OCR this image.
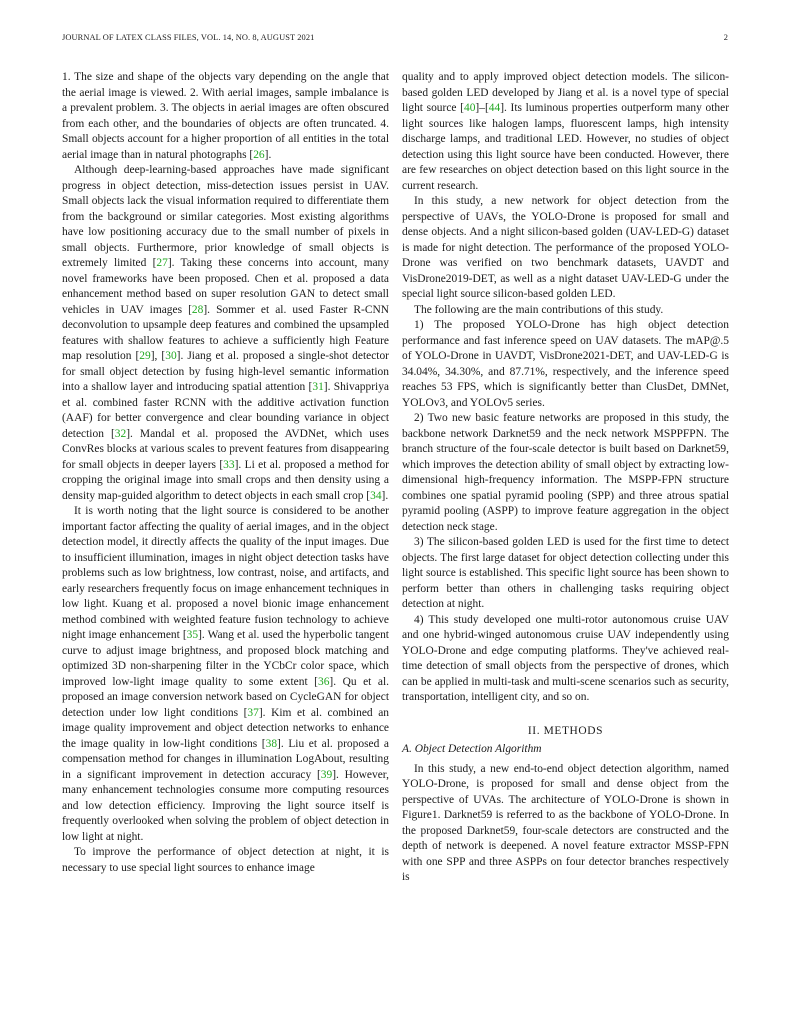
JOURNAL OF LATEX CLASS FILES, VOL. 14, NO. 8, AUGUST 2021	2

1. The size and shape of the objects vary depending on the angle that the aerial image is viewed. 2. With aerial images, sample imbalance is a prevalent problem. 3. The objects in aerial images are often obscured from each other, and the boundaries of objects are often truncated. 4. Small objects account for a higher proportion of all entities in the total aerial image than in natural photographs [26].

Although deep-learning-based approaches have made significant progress in object detection, miss-detection issues persist in UAV. Small objects lack the visual information required to differentiate them from the background or similar categories. Most existing algorithms have low positioning accuracy due to the small number of pixels in small objects. Furthermore, prior knowledge of small objects is extremely limited [27]. Taking these concerns into account, many novel frameworks have been proposed. Chen et al. proposed a data enhancement method based on super resolution GAN to detect small vehicles in UAV images [28]. Sommer et al. used Faster R-CNN deconvolution to upsample deep features and combined the upsampled features with shallow features to achieve a sufficiently high Feature map resolution [29], [30]. Jiang et al. proposed a single-shot detector for small object detection by fusing high-level semantic information into a shallow layer and introducing spatial attention [31]. Shivappriya et al. combined faster RCNN with the additive activation function (AAF) for better convergence and clear bounding variance in object detection [32]. Mandal et al. proposed the AVDNet, which uses ConvRes blocks at various scales to prevent features from disappearing for small objects in deeper layers [33]. Li et al. proposed a method for cropping the original image into small crops and then density using a density map-guided algorithm to detect objects in each small crop [34].

It is worth noting that the light source is considered to be another important factor affecting the quality of aerial images, and in the object detection model, it directly affects the quality of the input images. Due to insufficient illumination, images in night object detection tasks have problems such as low brightness, low contrast, noise, and artifacts, and early researchers frequently focus on image enhancement techniques in low light. Kuang et al. proposed a novel bionic image enhancement method combined with weighted feature fusion technology to achieve night image enhancement [35]. Wang et al. used the hyperbolic tangent curve to adjust image brightness, and proposed block matching and optimized 3D non-sharpening filter in the YCbCr color space, which improved low-light image quality to some extent [36]. Qu et al. proposed an image conversion network based on CycleGAN for object detection under low light conditions [37]. Kim et al. combined an image quality improvement and object detection networks to enhance the image quality in low-light conditions [38]. Liu et al. proposed a compensation method for changes in illumination LogAbout, resulting in a significant improvement in detection accuracy [39]. However, many enhancement technologies consume more computing resources and low detection efficiency. Improving the light source itself is frequently overlooked when solving the problem of object detection in low light at night.

To improve the performance of object detection at night, it is necessary to use special light sources to enhance image

quality and to apply improved object detection models. The silicon-based golden LED developed by Jiang et al. is a novel type of special light source [40]–[44]. Its luminous properties outperform many other light sources like halogen lamps, fluorescent lamps, high intensity discharge lamps, and traditional LED. However, no studies of object detection using this light source have been conducted. However, there are few researches on object detection based on this light source in the current research.

In this study, a new network for object detection from the perspective of UAVs, the YOLO-Drone is proposed for small and dense objects. And a night silicon-based golden (UAV-LED-G) dataset is made for night detection. The performance of the proposed YOLO-Drone was verified on two benchmark datasets, UAVDT and VisDrone2019-DET, as well as a night dataset UAV-LED-G under the special light source silicon-based golden LED.

The following are the main contributions of this study.

1) The proposed YOLO-Drone has high object detection performance and fast inference speed on UAV datasets. The mAP@.5 of YOLO-Drone in UAVDT, VisDrone2021-DET, and UAV-LED-G is 34.04%, 34.30%, and 87.71%, respectively, and the inference speed reaches 53 FPS, which is significantly better than ClusDet, DMNet, YOLOv3, and YOLOv5 series.

2) Two new basic feature networks are proposed in this study, the backbone network Darknet59 and the neck network MSPPFPN. The branch structure of the four-scale detector is built based on Darknet59, which improves the detection ability of small object by extracting low-dimensional high-frequency information. The MSPP-FPN structure combines one spatial pyramid pooling (SPP) and three atrous spatial pyramid pooling (ASPP) to improve feature aggregation in the object detection neck stage.

3) The silicon-based golden LED is used for the first time to detect objects. The first large dataset for object detection collecting under this light source is established. This specific light source has been shown to perform better than others in challenging tasks requiring object detection at night.

4) This study developed one multi-rotor autonomous cruise UAV and one hybrid-winged autonomous cruise UAV independently using YOLO-Drone and edge computing platforms. They've achieved real-time detection of small objects from the perspective of drones, which can be applied in multi-task and multi-scene scenarios such as security, transportation, intelligent city, and so on.

II. METHODS

A. Object Detection Algorithm

In this study, a new end-to-end object detection algorithm, named YOLO-Drone, is proposed for small and dense object from the perspective of UVAs. The architecture of YOLO-Drone is shown in Figure1. Darknet59 is referred to as the backbone of YOLO-Drone. In the proposed Darknet59, four-scale detectors are constructed and the depth of network is deepened. A novel feature extractor MSSP-FPN with one SPP and three ASPPs on four detector branches respectively is
